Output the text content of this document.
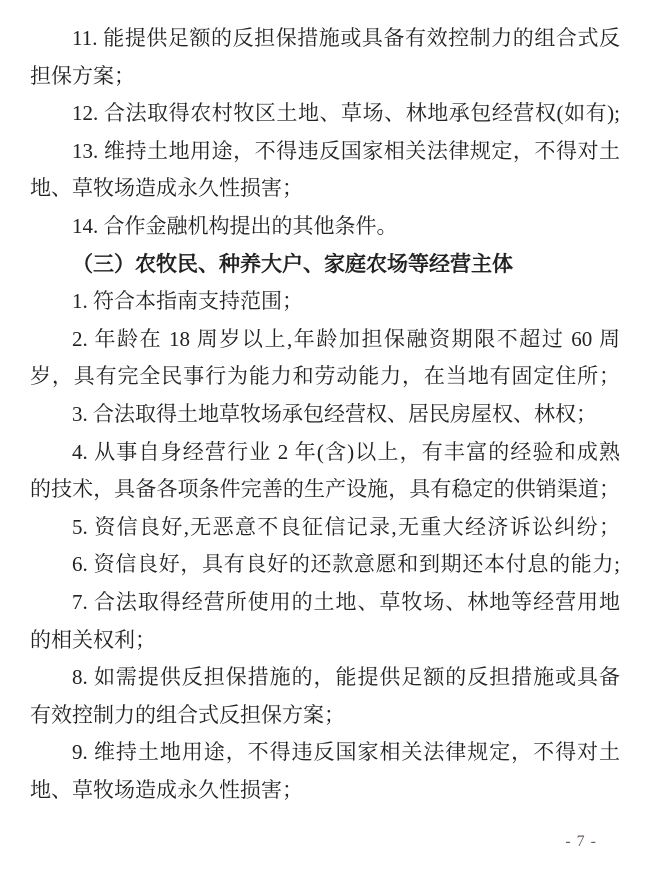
11. 能提供足额的反担保措施或具备有效控制力的组合式反
担保方案；
12. 合法取得农村牧区土地、草场、林地承包经营权(如有);
13. 维持土地用途，不得违反国家相关法律规定，不得对土
地、草牧场造成永久性损害；
14. 合作金融机构提出的其他条件。
（三）农牧民、种养大户、家庭农场等经营主体
1. 符合本指南支持范围；
2. 年龄在 18 周岁以上,年龄加担保融资期限不超过 60 周
岁，具有完全民事行为能力和劳动能力，在当地有固定住所；
3. 合法取得土地草牧场承包经营权、居民房屋权、林权；
4. 从事自身经营行业 2 年(含)以上，有丰富的经验和成熟
的技术，具备各项条件完善的生产设施，具有稳定的供销渠道；
5. 资信良好,无恶意不良征信记录,无重大经济诉讼纠纷；
6. 资信良好，具有良好的还款意愿和到期还本付息的能力;
7. 合法取得经营所使用的土地、草牧场、林地等经营用地
的相关权利；
8. 如需提供反担保措施的，能提供足额的反担措施或具备
有效控制力的组合式反担保方案；
9. 维持土地用途，不得违反国家相关法律规定，不得对土
地、草牧场造成永久性损害；
- 7 -
